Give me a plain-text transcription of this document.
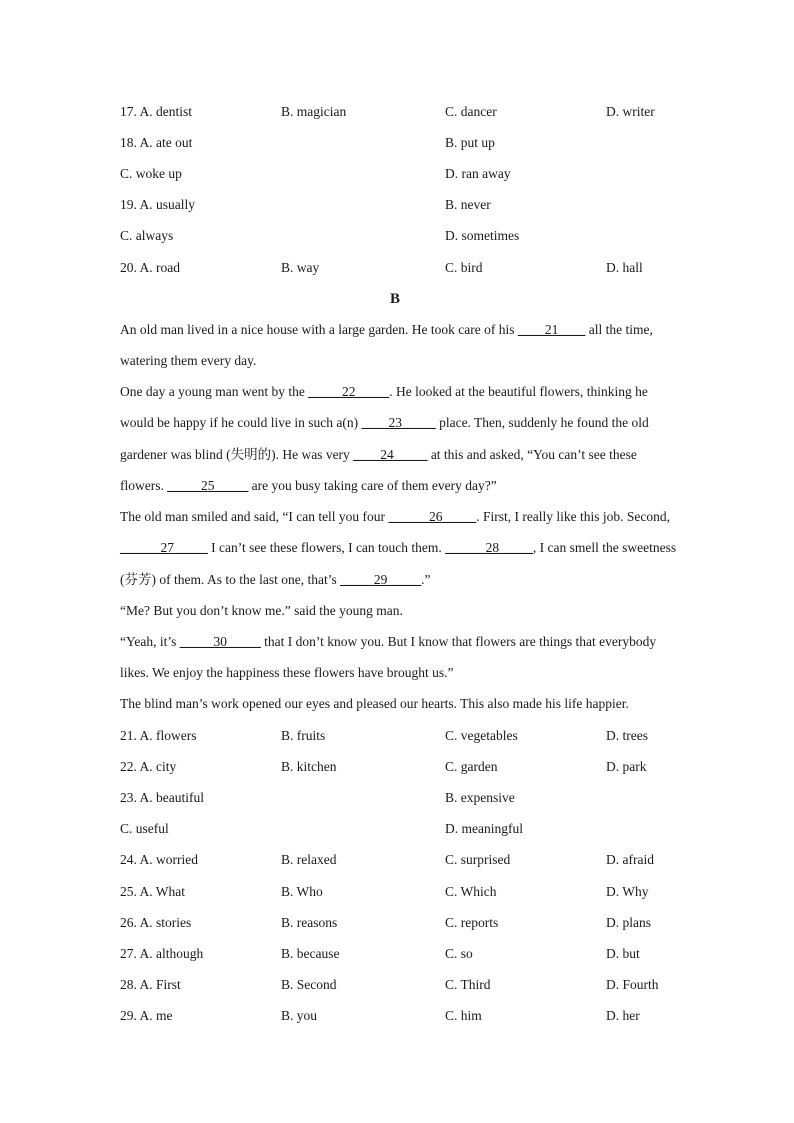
17. A. dentist	B. magician	C. dancer	D. writer
18. A. ate out	B. put up
C. woke up	D. ran away
19. A. usually	B. never
C. always	D. sometimes
20. A. road	B. way	C. bird	D. hall
B
An old man lived in a nice house with a large garden. He took care of his ____21____ all the time,
watering them every day.
One day a young man went by the _____22_____. He looked at the beautiful flowers, thinking he
would be happy if he could live in such a(n) ____23_____ place. Then, suddenly he found the old
gardener was blind (失明的). He was very ____24_____ at this and asked, “You can’t see these
flowers. _____25_____ are you busy taking care of them every day?”
The old man smiled and said, “I can tell you four ______26_____. First, I really like this job. Second,
______27_____ I can’t see these flowers, I can touch them. ______28_____, I can smell the sweetness
(芬芳) of them. As to the last one, that’s _____29_____.”
“Me? But you don’t know me.” said the young man.
“Yeah, it’s _____30_____ that I don’t know you. But I know that flowers are things that everybody
likes. We enjoy the happiness these flowers have brought us.”
The blind man’s work opened our eyes and pleased our hearts. This also made his life happier.
21. A. flowers	B. fruits	C. vegetables	D. trees
22. A. city	B. kitchen	C. garden	D. park
23. A. beautiful	B. expensive
C. useful	D. meaningful
24. A. worried	B. relaxed	C. surprised	D. afraid
25. A. What	B. Who	C. Which	D. Why
26. A. stories	B. reasons	C. reports	D. plans
27. A. although	B. because	C. so	D. but
28. A. First	B. Second	C. Third	D. Fourth
29. A. me	B. you	C. him	D. her
